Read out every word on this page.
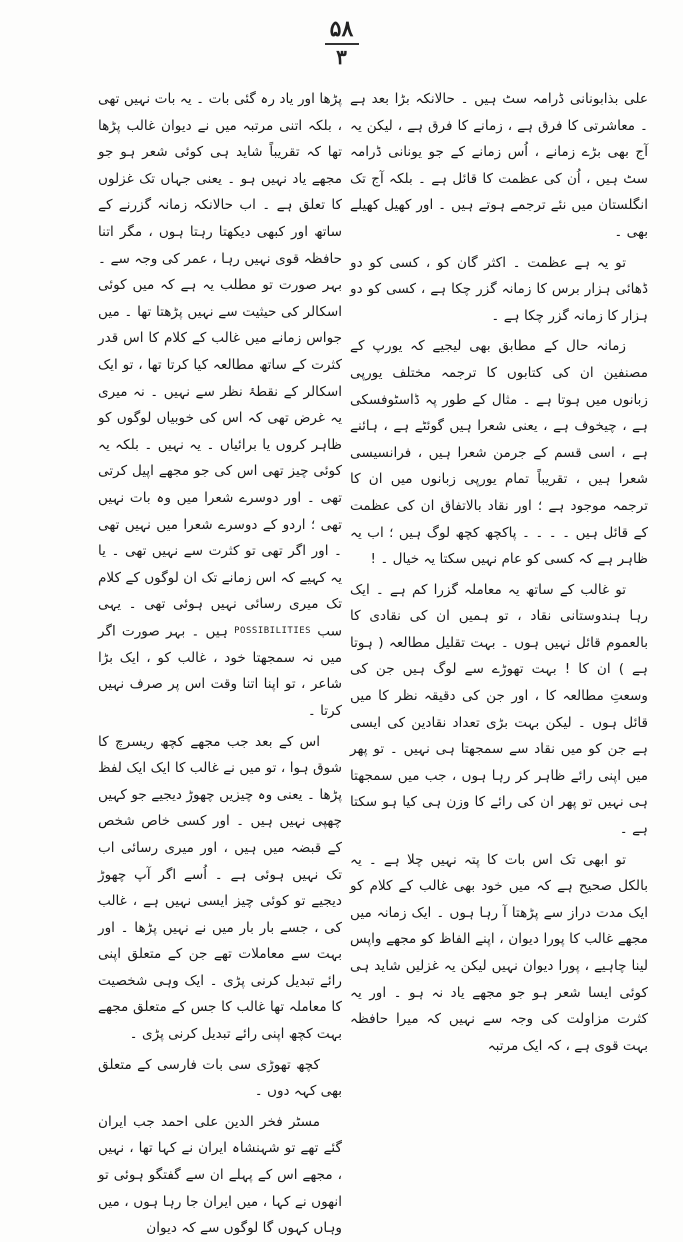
۵۸
۳

علی بذابونانی ڈرامہ سٹ ہیں ۔ حالانکہ بڑا بعد ہے ۔ معاشرتی کا فرق ہے ، زمانے کا فرق ہے ، لیکن یہ آج بھی بڑے زمانے ، اُس زمانے کے جو یونانی ڈرامہ سٹ ہیں ، اُن کی عظمت کا قائل ہے ۔ بلکہ آج تک انگلستان میں نئے ترجمے ہوتے ہیں ۔ اور کھیل کھیلے بھی ۔

تو یہ ہے عظمت ۔ اکثر گان کو ، کسی کو دو ڈھائی ہزار برس کا زمانہ گزر چکا ہے ، کسی کو دو ہزار کا زمانہ گزر چکا ہے ۔

زمانہ حال کے مطابق بھی لیجیے کہ یورپ کے مصنفین ان کی کتابوں کا ترجمہ مختلف یورپی زبانوں میں ہوتا ہے ۔ مثال کے طور پہ ڈاسٹوفسکی ہے ، چیخوف ہے ، یعنی شعرا ہیں گوئٹے ہے ، ہائنے ہے ، اسی قسم کے جرمن شعرا ہیں ، فرانسیسی شعرا ہیں ، تقریباً تمام یورپی زبانوں میں ان کا ترجمہ موجود ہے ؛ اور نقاد بالاتفاق ان کی عظمت کے قائل ہیں ۔ ۔ ۔ ۔ پاکچھ کچھ لوگ ہیں ؛ اب یہ ظاہر ہے کہ کسی کو عام نہیں سکتا یہ خیال ۔ !

تو غالب کے ساتھ یہ معاملہ گزرا کم ہے ۔ ایک رہا ہندوستانی نقاد ، تو ہمیں ان کی نقادی کا بالعموم قائل نہیں ہوں ۔ بہت تقلیل مطالعہ ( ہوتا ہے ) ان کا ! بہت تھوڑے سے لوگ ہیں جن کی وسعتِ مطالعہ کا ، اور جن کی دقیقہ نظر کا میں قائل ہوں ۔ لیکن بہت بڑی تعداد نقادین کی ایسی ہے جن کو میں نقاد سے سمجھتا ہی نہیں ۔ تو پھر میں اپنی رائے ظاہر کر رہا ہوں ، جب میں سمجھتا ہی نہیں تو پھر ان کی رائے کا وزن ہی کیا ہو سکتا ہے ۔

تو ابھی تک اس بات کا پتہ نہیں چلا ہے ۔ یہ بالکل صحیح ہے کہ میں خود بھی غالب کے کلام کو ایک مدت دراز سے پڑھتا آ رہا ہوں ۔ ایک زمانہ میں مجھے غالب کا پورا دیوان ، اپنے الفاظ کو مجھے واپس لینا چاہیے ، پورا دیوان نہیں لیکن یہ غزلیں شاید ہی کوئی ایسا شعر ہو جو مجھے یاد نہ ہو ۔ اور یہ کثرت مزاولت کی وجہ سے نہیں کہ میرا حافظہ بہت قوی ہے ، کہ ایک مرتبہ

پڑھا اور یاد رہ گئی بات ۔ یہ بات نہیں تھی ، بلکہ اتنی مرتبہ میں نے دیوان غالب پڑھا تھا کہ تقریباً شاید ہی کوئی شعر ہو جو مجھے یاد نہیں ہو ۔ یعنی جہاں تک غزلوں کا تعلق ہے ۔ اب حالانکہ زمانہ گزرنے کے ساتھ اور کبھی دیکھتا رہتا ہوں ، مگر اتنا حافظہ قوی نہیں رہا ، عمر کی وجہ سے ۔ بہر صورت تو مطلب یہ ہے کہ میں کوئی اسکالر کی حیثیت سے نہیں پڑھتا تھا ۔ میں جواس زمانے میں غالب کے کلام کا اس قدر کثرت کے ساتھ مطالعہ کیا کرتا تھا ، تو ایک اسکالر کے نقطۂ نظر سے نہیں ۔ نہ میری یہ غرض تھی کہ اس کی خوبیاں لوگوں کو ظاہر کروں یا برائیاں ۔ یہ نہیں ۔ بلکہ یہ کوئی چیز تھی اس کی جو مجھے اپیل کرتی تھی ۔ اور دوسرے شعرا میں وہ بات نہیں تھی ؛ اردو کے دوسرے شعرا میں نہیں تھی ۔ اور اگر تھی تو کثرت سے نہیں تھی ۔ یا یہ کہیے کہ اس زمانے تک ان لوگوں کے کلام تک میری رسائی نہیں ہوئی تھی ۔ یہی سب POSSIBILITIES ہیں ۔ بہر صورت اگر میں نہ سمجھتا خود ، غالب کو ، ایک بڑا شاعر ، تو اپنا اتنا وقت اس پر صرف نہیں کرتا ۔

اس کے بعد جب مجھے کچھ ریسرچ کا شوق ہوا ، تو میں نے غالب کا ایک ایک لفظ پڑھا ۔ یعنی وہ چیزیں چھوڑ دیجیے جو کہیں چھپی نہیں ہیں ۔ اور کسی خاص شخص کے قبضہ میں ہیں ، اور میری رسائی اب تک نہیں ہوئی ہے ۔ اُسے اگر آپ چھوڑ دیجیے تو کوئی چیز ایسی نہیں ہے ، غالب کی ، جسے بار بار میں نے نہیں پڑھا ۔ اور بہت سے معاملات تھے جن کے متعلق اپنی رائے تبدیل کرنی پڑی ۔ ایک وہی شخصیت کا معاملہ تھا غالب کا جس کے متعلق مجھے بہت کچھ اپنی رائے تبدیل کرنی پڑی ۔

کچھ تھوڑی سی بات فارسی کے متعلق بھی کہہ دوں ۔

مسٹر فخر الدین علی احمد جب ایران گئے تھے تو شہنشاہ ایران نے کہا تھا ، نہیں ، مجھے اس کے پہلے ان سے گفتگو ہوئی تو انھوں نے کہا ، میں ایران جا رہا ہوں ، میں وہاں کہوں گا لوگوں سے کہ دیوان
